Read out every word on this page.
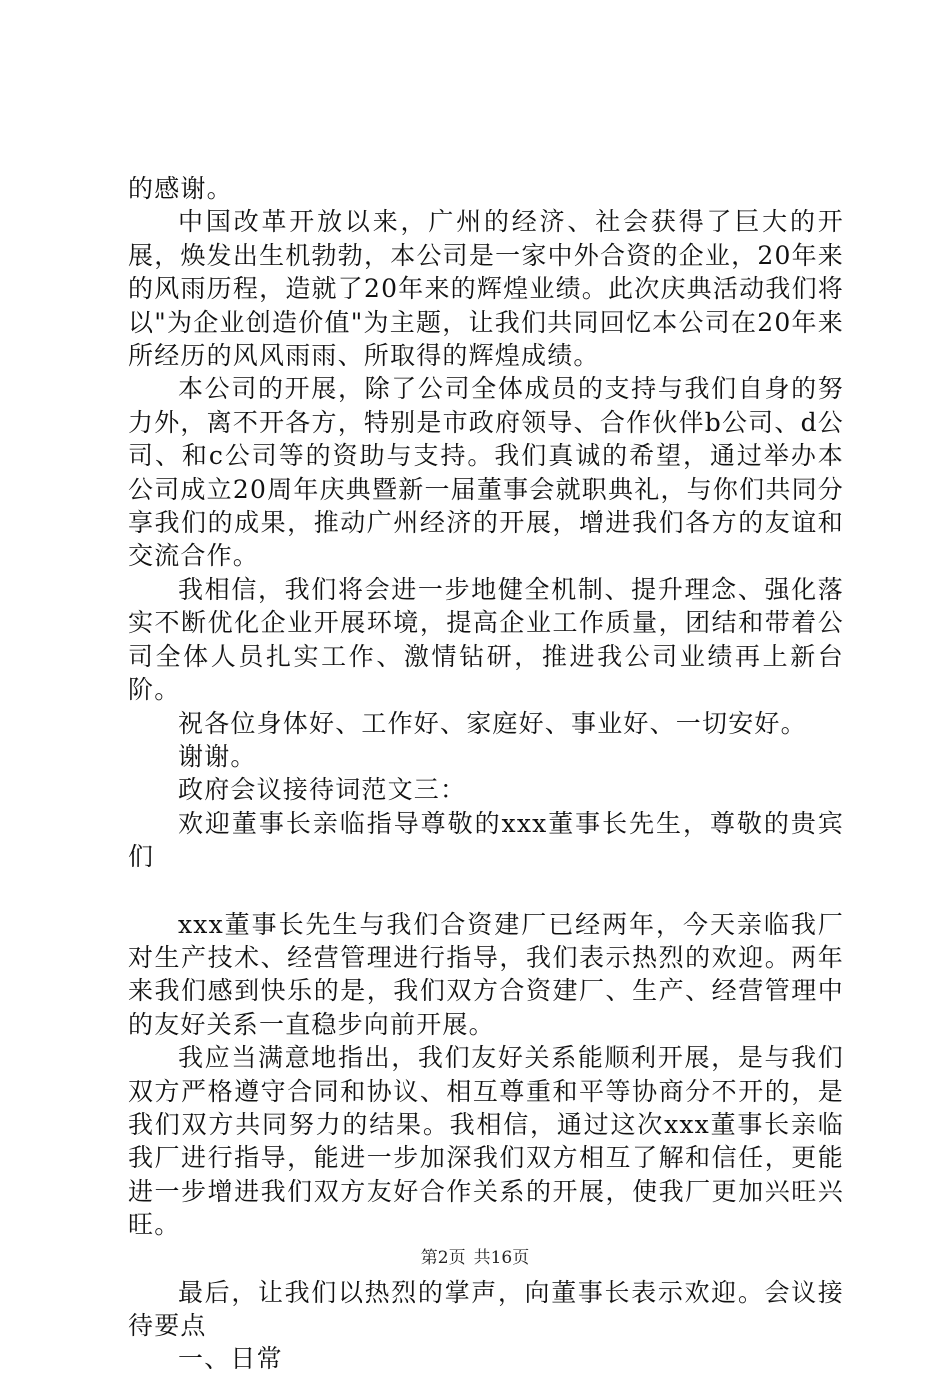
的感谢。

中国改革开放以来，广州的经济、社会获得了巨大的开展，焕发出生机勃勃，本公司是一家中外合资的企业，20年来的风雨历程，造就了20年来的辉煌业绩。此次庆典活动我们将以"为企业创造价值"为主题，让我们共同回忆本公司在20年来所经历的风风雨雨、所取得的辉煌成绩。

本公司的开展，除了公司全体成员的支持与我们自身的努力外，离不开各方，特别是市政府领导、合作伙伴b公司、d公司、和c公司等的资助与支持。我们真诚的希望，通过举办本公司成立20周年庆典暨新一届董事会就职典礼，与你们共同分享我们的成果，推动广州经济的开展，增进我们各方的友谊和交流合作。

我相信，我们将会进一步地健全机制、提升理念、强化落实不断优化企业开展环境，提高企业工作质量，团结和带着公司全体人员扎实工作、激情钻研，推进我公司业绩再上新台阶。

祝各位身体好、工作好、家庭好、事业好、一切安好。

谢谢。

政府会议接待词范文三：

欢迎董事长亲临指导尊敬的xxx董事长先生，尊敬的贵宾们

xxx董事长先生与我们合资建厂已经两年，今天亲临我厂对生产技术、经营管理进行指导，我们表示热烈的欢迎。两年来我们感到快乐的是，我们双方合资建厂、生产、经营管理中的友好关系一直稳步向前开展。

我应当满意地指出，我们友好关系能顺利开展，是与我们双方严格遵守合同和协议、相互尊重和平等协商分不开的，是我们双方共同努力的结果。我相信，通过这次xxx董事长亲临我厂进行指导，能进一步加深我们双方相互了解和信任，更能进一步增进我们双方友好合作关系的开展，使我厂更加兴旺兴旺。

最后，让我们以热烈的掌声，向董事长表示欢迎。会议接待要点

一、日常

第2页 共16页
